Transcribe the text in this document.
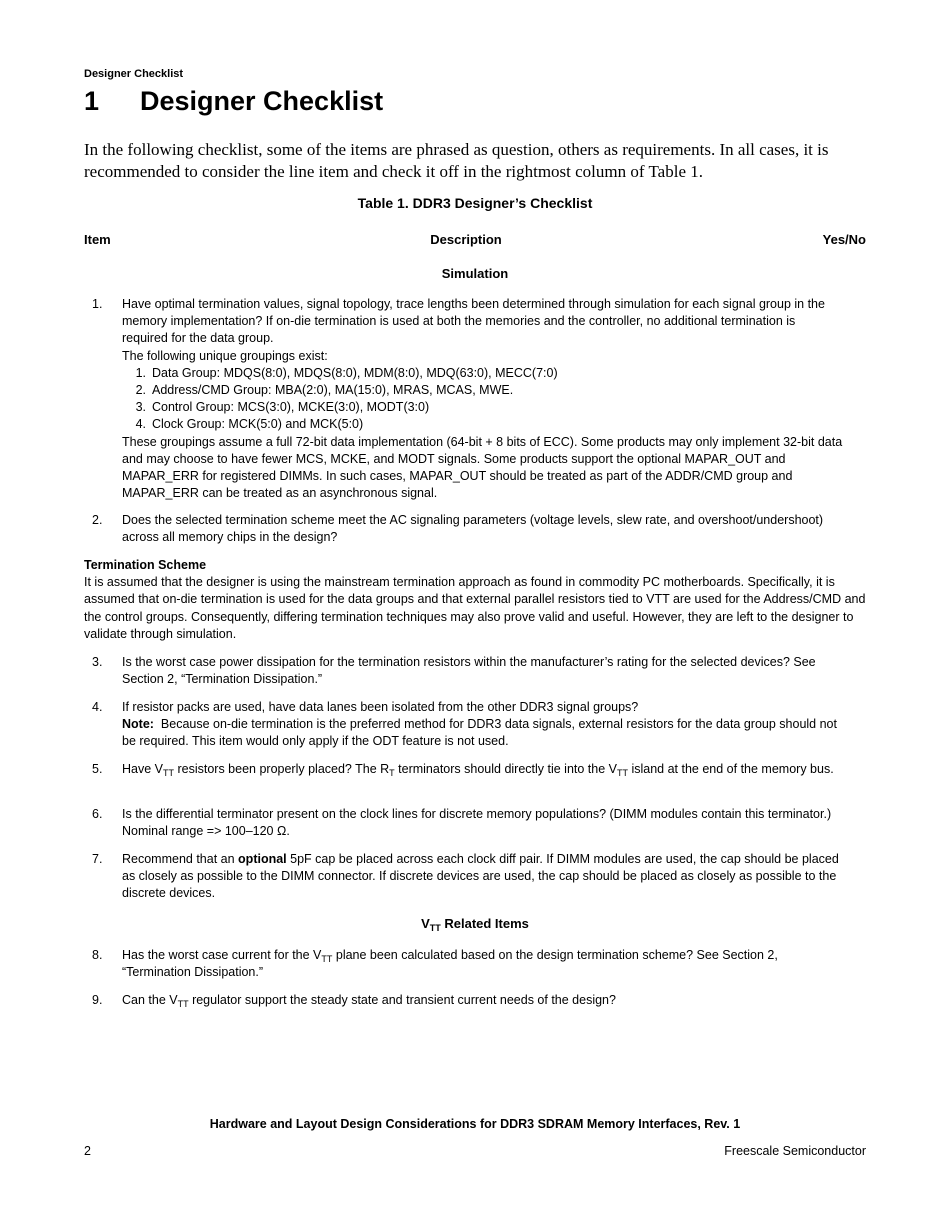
Designer Checklist
1	Designer Checklist
In the following checklist, some of the items are phrased as question, others as requirements. In all cases, it is recommended to consider the line item and check it off in the rightmost column of Table 1.
Table 1. DDR3 Designer’s Checklist
Item	Description	Yes/No
Simulation
1. Have optimal termination values, signal topology, trace lengths been determined through simulation for each signal group in the memory implementation? If on-die termination is used at both the memories and the controller, no additional termination is required for the data group.
The following unique groupings exist:
1. Data Group: MDQS(8:0), MDQS(8:0), MDM(8:0), MDQ(63:0), MECC(7:0)
2. Address/CMD Group: MBA(2:0), MA(15:0), MRAS, MCAS, MWE.
3. Control Group: MCS(3:0), MCKE(3:0), MODT(3:0)
4. Clock Group: MCK(5:0) and MCK(5:0)
These groupings assume a full 72-bit data implementation (64-bit + 8 bits of ECC). Some products may only implement 32-bit data and may choose to have fewer MCS, MCKE, and MODT signals. Some products support the optional MAPAR_OUT and MAPAR_ERR for registered DIMMs. In such cases, MAPAR_OUT should be treated as part of the ADDR/CMD group and MAPAR_ERR can be treated as an asynchronous signal.
2. Does the selected termination scheme meet the AC signaling parameters (voltage levels, slew rate, and overshoot/undershoot) across all memory chips in the design?
Termination Scheme
It is assumed that the designer is using the mainstream termination approach as found in commodity PC motherboards. Specifically, it is assumed that on-die termination is used for the data groups and that external parallel resistors tied to VTT are used for the Address/CMD and the control groups. Consequently, differing termination techniques may also prove valid and useful. However, they are left to the designer to validate through simulation.
3. Is the worst case power dissipation for the termination resistors within the manufacturer’s rating for the selected devices? See Section 2, “Termination Dissipation.”
4. If resistor packs are used, have data lanes been isolated from the other DDR3 signal groups?
Note: Because on-die termination is the preferred method for DDR3 data signals, external resistors for the data group should not be required. This item would only apply if the ODT feature is not used.
5. Have $V_{TT}$ resistors been properly placed? The $R_T$ terminators should directly tie into the $V_{TT}$ island at the end of the memory bus.
6. Is the differential terminator present on the clock lines for discrete memory populations? (DIMM modules contain this terminator.) Nominal range => 100–120 Ω.
7. Recommend that an optional 5pF cap be placed across each clock diff pair. If DIMM modules are used, the cap should be placed as closely as possible to the DIMM connector. If discrete devices are used, the cap should be placed as closely as possible to the discrete devices.
$V_{TT}$ Related Items
8. Has the worst case current for the $V_{TT}$ plane been calculated based on the design termination scheme? See Section 2, “Termination Dissipation.”
9. Can the $V_{TT}$ regulator support the steady state and transient current needs of the design?
Hardware and Layout Design Considerations for DDR3 SDRAM Memory Interfaces, Rev. 1
2	Freescale Semiconductor
